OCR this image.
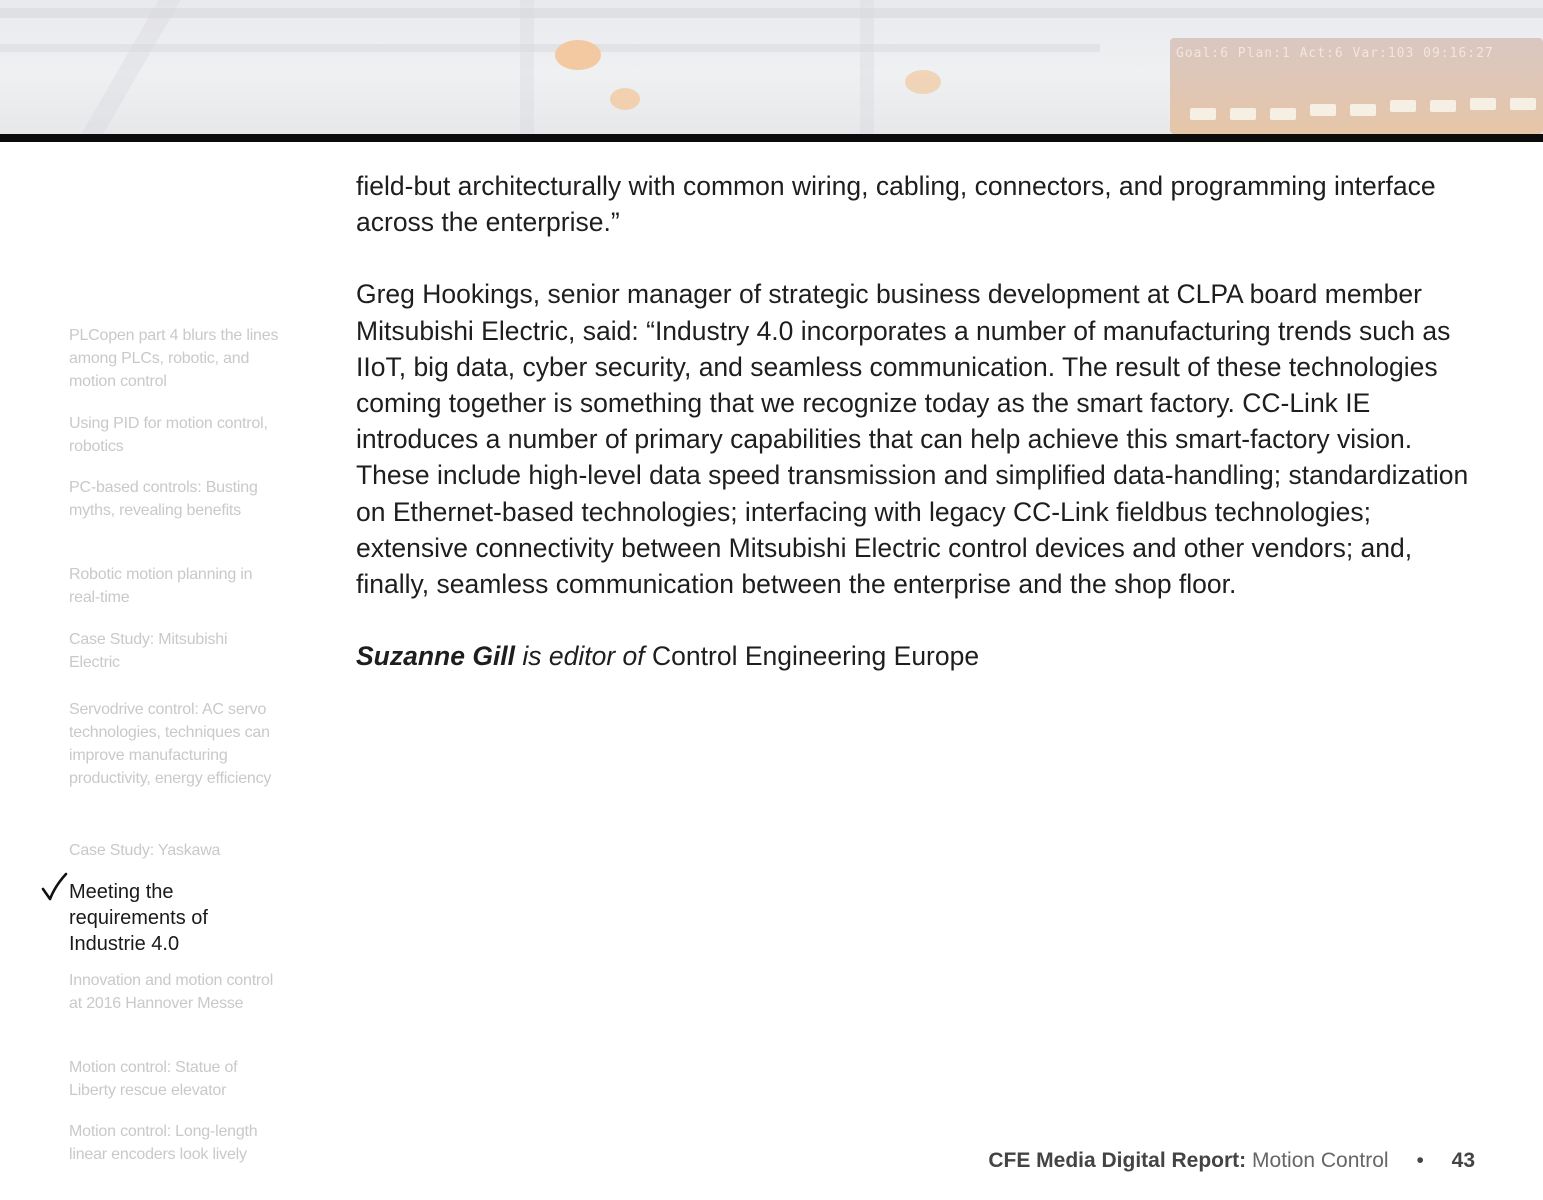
Goal:6 Plan:1 Act:6 Var:103 09:16:27
PLCopen part 4 blurs the lines among PLCs, robotic, and motion control
Using PID for motion control, robotics
PC-based controls: Busting myths, revealing benefits
Robotic motion planning in real-time
Case Study: Mitsubishi Electric
Servodrive control: AC servo technologies, techniques can improve manufacturing productivity, energy efficiency
Case Study: Yaskawa
Meeting the requirements of Industrie 4.0
Innovation and motion control at 2016 Hannover Messe
Motion control: Statue of Liberty rescue elevator
Motion control: Long-length linear encoders look lively

field-but architecturally with common wiring, cabling, connectors, and programming interface across the enterprise.”

Greg Hookings, senior manager of strategic business development at CLPA board member Mitsubishi Electric, said: “Industry 4.0 incorporates a number of manufacturing trends such as IIoT, big data, cyber security, and seamless communication. The result of these technologies coming together is something that we recognize today as the smart factory. CC-Link IE introduces a number of primary capabilities that can help achieve this smart-factory vision. These include high-level data speed transmission and simplified data-handling; standardization on Ethernet-based technologies; interfacing with legacy CC-Link fieldbus technologies; extensive connectivity between Mitsubishi Electric control devices and other vendors; and, finally, seamless communication between the enterprise and the shop floor.

Suzanne Gill is editor of Control Engineering Europe
CFE Media Digital Report: Motion Control • 43
